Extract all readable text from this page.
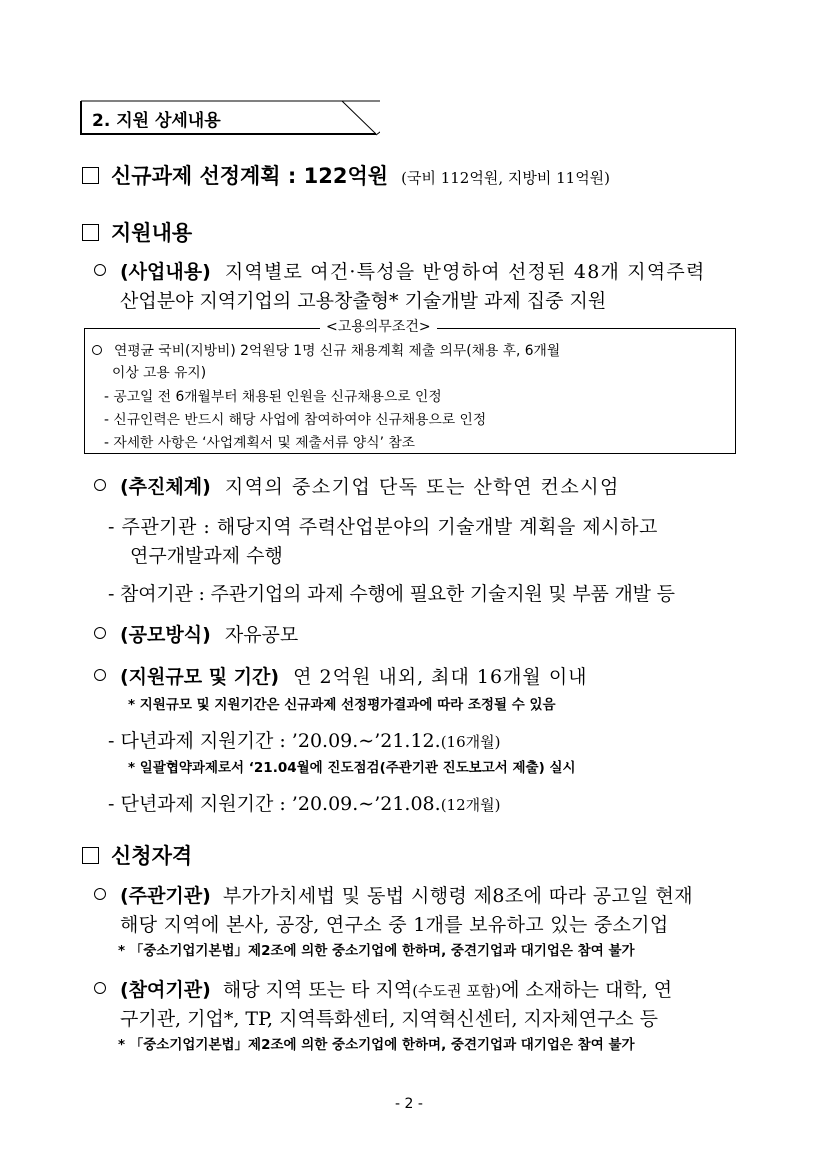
2. 지원 상세내용
신규과제 선정계획 : 122억원 (국비 112억원, 지방비 11억원)
지원내용
(사업내용) 지역별로 여건·특성을 반영하여 선정된 48개 지역주력
산업분야 지역기업의 고용창출형* 기술개발 과제 집중 지원
<고용의무조건>
연평균 국비(지방비) 2억원당 1명 신규 채용계획 제출 의무(채용 후, 6개월
이상 고용 유지)
- 공고일 전 6개월부터 채용된 인원을 신규채용으로 인정
- 신규인력은 반드시 해당 사업에 참여하여야 신규채용으로 인정
- 자세한 사항은 ‘사업계획서 및 제출서류 양식’ 참조
(추진체계) 지역의 중소기업 단독 또는 산학연 컨소시엄
- 주관기관 : 해당지역 주력산업분야의 기술개발 계획을 제시하고
연구개발과제 수행
- 참여기관 : 주관기업의 과제 수행에 필요한 기술지원 및 부품 개발 등
(공모방식) 자유공모
(지원규모 및 기간) 연 2억원 내외, 최대 16개월 이내
* 지원규모 및 지원기간은 신규과제 선정평가결과에 따라 조정될 수 있음
- 다년과제 지원기간 : ’20.09.∼’21.12.(16개월)
* 일괄협약과제로서 ‘21.04월에 진도점검(주관기관 진도보고서 제출) 실시
- 단년과제 지원기간 : ’20.09.∼’21.08.(12개월)
신청자격
(주관기관) 부가가치세법 및 동법 시행령 제8조에 따라 공고일 현재
해당 지역에 본사, 공장, 연구소 중 1개를 보유하고 있는 중소기업
* 「중소기업기본법」제2조에 의한 중소기업에 한하며, 중견기업과 대기업은 참여 불가
(참여기관) 해당 지역 또는 타 지역(수도권 포함)에 소재하는 대학, 연
구기관, 기업*, TP, 지역특화센터, 지역혁신센터, 지자체연구소 등
* 「중소기업기본법」제2조에 의한 중소기업에 한하며, 중견기업과 대기업은 참여 불가
- 2 -
